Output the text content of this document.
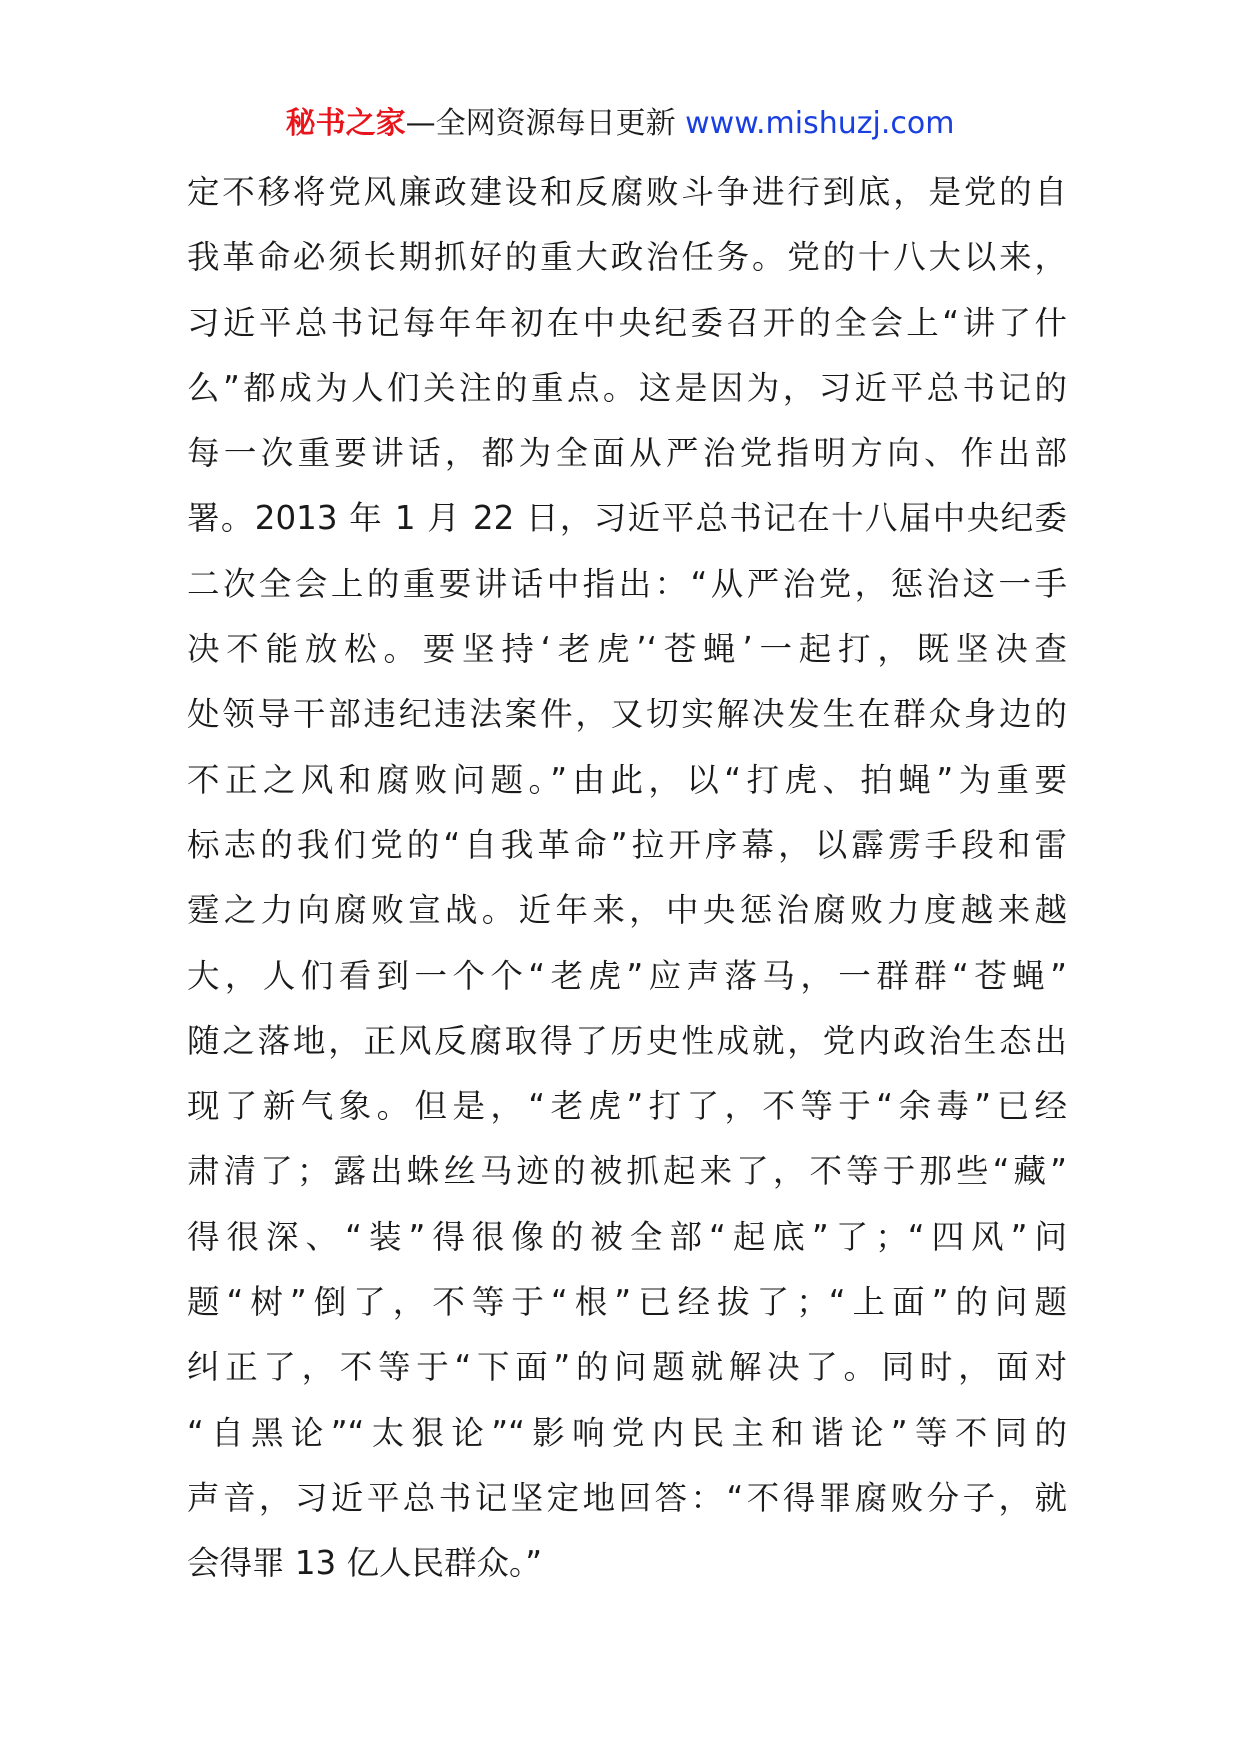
秘书之家—全网资源每日更新 www.mishuzj.com
定不移将党风廉政建设和反腐败斗争进行到底，是党的自
我革命必须长期抓好的重大政治任务。党的十八大以来，
习近平总书记每年年初在中央纪委召开的全会上“讲了什
么”都成为人们关注的重点。这是因为，习近平总书记的
每一次重要讲话，都为全面从严治党指明方向、作出部
署。2013 年 1 月 22 日，习近平总书记在十八届中央纪委
二次全会上的重要讲话中指出：“从严治党，惩治这一手
决不能放松。要坚持‘老虎’‘苍蝇’一起打，既坚决查
处领导干部违纪违法案件，又切实解决发生在群众身边的
不正之风和腐败问题。”由此，以“打虎、拍蝇”为重要
标志的我们党的“自我革命”拉开序幕，以霹雳手段和雷
霆之力向腐败宣战。近年来，中央惩治腐败力度越来越
大，人们看到一个个“老虎”应声落马，一群群“苍蝇”
随之落地，正风反腐取得了历史性成就，党内政治生态出
现了新气象。但是，“老虎”打了，不等于“余毒”已经
肃清了；露出蛛丝马迹的被抓起来了，不等于那些“藏”
得很深、“装”得很像的被全部“起底”了；“四风”问
题“树”倒了，不等于“根”已经拔了；“上面”的问题
纠正了，不等于“下面”的问题就解决了。同时，面对
“自黑论”“太狠论”“影响党内民主和谐论”等不同的
声音，习近平总书记坚定地回答：“不得罪腐败分子，就
会得罪 13 亿人民群众。”
